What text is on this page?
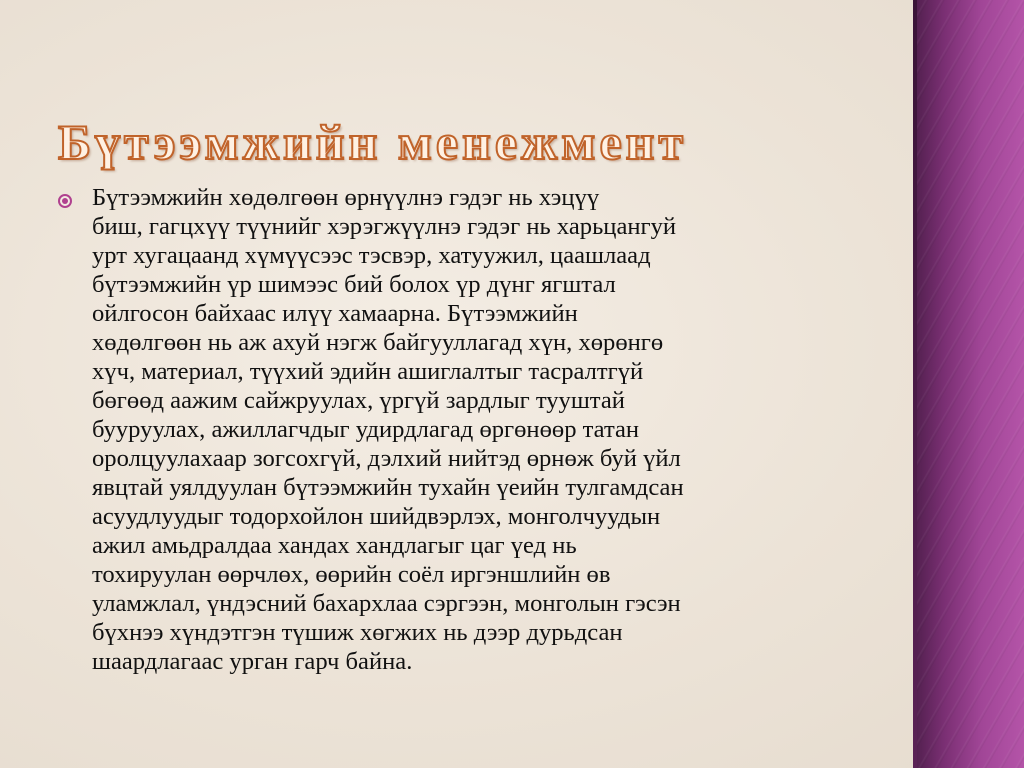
Бүтээмжийн менежмент

Бүтээмжийн хөдөлгөөн өрнүүлнэ гэдэг нь хэцүү
биш, гагцхүү түүнийг хэрэгжүүлнэ гэдэг нь харьцангуй
урт хугацаанд хүмүүсээс тэсвэр, хатуужил, цаашлаад
бүтээмжийн үр шимээс бий болох үр дүнг ягштал
ойлгосон байхаас илүү хамаарна. Бүтээмжийн
хөдөлгөөн нь аж ахуй нэгж байгууллагад хүн, хөрөнгө
хүч, материал, түүхий эдийн ашиглалтыг тасралтгүй
бөгөөд аажим сайжруулах, үргүй зардлыг тууштай
бууруулах, ажиллагчдыг удирдлагад өргөнөөр татан
оролцуулахаар зогсохгүй, дэлхий нийтэд өрнөж буй үйл
явцтай уялдуулан бүтээмжийн тухайн үеийн тулгамдсан
асуудлуудыг тодорхойлон шийдвэрлэх, монголчуудын
ажил амьдралдаа хандах хандлагыг цаг үед нь
тохируулан өөрчлөх, өөрийн соёл иргэншлийн өв
уламжлал, үндэсний бахархлаа сэргээн, монголын гэсэн
бүхнээ хүндэтгэн түшиж хөгжих нь дээр дурьдсан
шаардлагаас урган гарч байна.
